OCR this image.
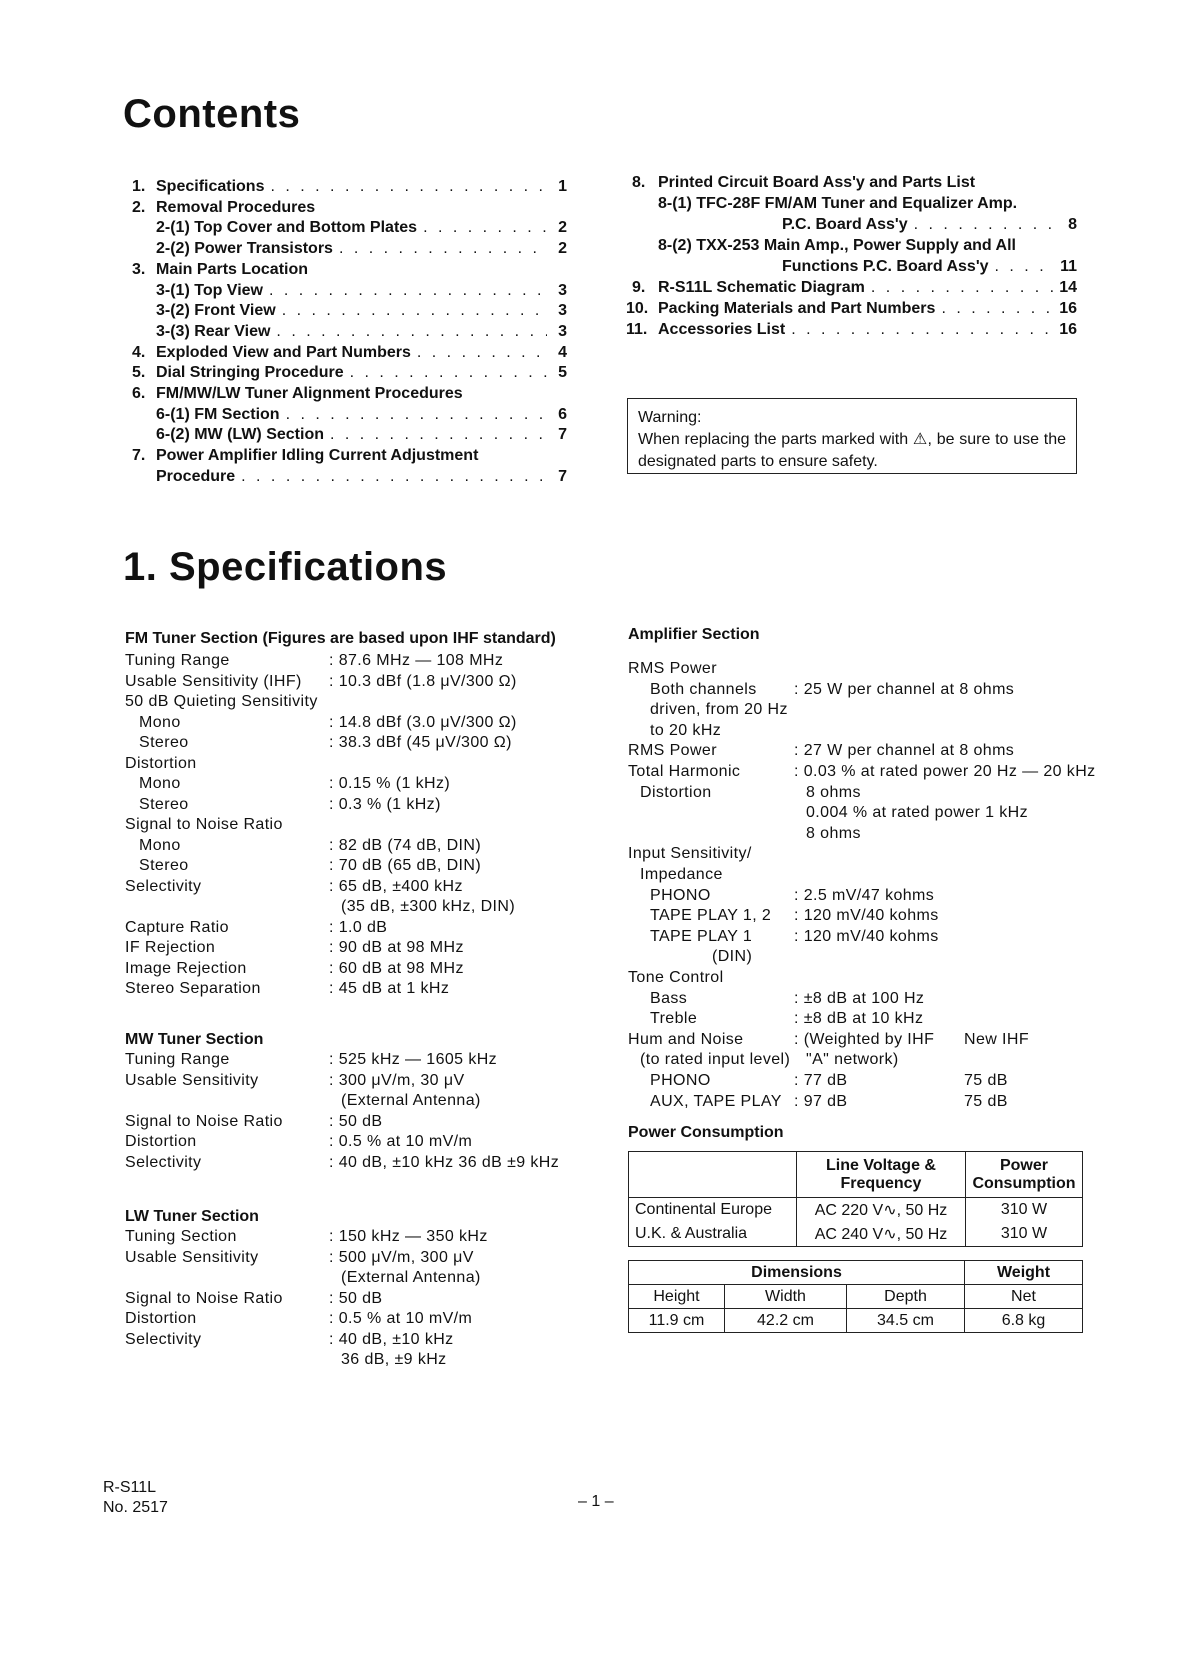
Contents
1. Specifications . . .	1
2. Removal Procedures
2-(1) Top Cover and Bottom Plates . . .	2
2-(2) Power Transistors . . .	2
3. Main Parts Location
3-(1) Top View . . .	3
3-(2) Front View . . .	3
3-(3) Rear View . . .	3
4. Exploded View and Part Numbers . . .	4
5. Dial Stringing Procedure . . .	5
6. FM/MW/LW Tuner Alignment Procedures
6-(1) FM Section . . .	6
6-(2) MW (LW) Section . . .	7
7. Power Amplifier Idling Current Adjustment
Procedure . . .	7
8. Printed Circuit Board Ass'y and Parts List
8-(1) TFC-28F FM/AM Tuner and Equalizer Amp.
P.C. Board Ass'y . . .	8
8-(2) TXX-253 Main Amp., Power Supply and All
Functions P.C. Board Ass'y . . .	11
9. R-S11L Schematic Diagram . . .	14
10. Packing Materials and Part Numbers . . .	16
11. Accessories List . . .	16
Warning:
When replacing the parts marked with ⚠, be sure to use the designated parts to ensure safety.
1. Specifications
FM Tuner Section (Figures are based upon IHF standard)
Tuning Range	: 87.6 MHz — 108 MHz
Usable Sensitivity (IHF) : 10.3 dBf (1.8 μV/300 Ω)
50 dB Quieting Sensitivity
Mono	: 14.8 dBf (3.0 μV/300 Ω)
Stereo	: 38.3 dBf (45 μV/300 Ω)
Distortion
Mono	: 0.15 % (1 kHz)
Stereo	: 0.3 % (1 kHz)
Signal to Noise Ratio
Mono	: 82 dB (74 dB, DIN)
Stereo	: 70 dB (65 dB, DIN)
Selectivity	: 65 dB, ±400 kHz
(35 dB, ±300 kHz, DIN)
Capture Ratio	: 1.0 dB
IF Rejection	: 90 dB at 98 MHz
Image Rejection	: 60 dB at 98 MHz
Stereo Separation	: 45 dB at 1 kHz
MW Tuner Section
Tuning Range	: 525 kHz — 1605 kHz
Usable Sensitivity	: 300 μV/m, 30 μV
(External Antenna)
Signal to Noise Ratio	: 50 dB
Distortion	: 0.5 % at 10 mV/m
Selectivity	: 40 dB, ±10 kHz 36 dB ±9 kHz
LW Tuner Section
Tuning Section	: 150 kHz — 350 kHz
Usable Sensitivity	: 500 μV/m, 300 μV
(External Antenna)
Signal to Noise Ratio	: 50 dB
Distortion	: 0.5 % at 10 mV/m
Selectivity	: 40 dB, ±10 kHz
36 dB, ±9 kHz
Amplifier Section
RMS Power
Both channels : 25 W per channel at 8 ohms
driven, from 20 Hz
to 20 kHz
RMS Power	: 27 W per channel at 8 ohms
Total Harmonic	: 0.03 % at rated power 20 Hz — 20 kHz
Distortion	8 ohms
0.004 % at rated power 1 kHz
8 ohms
Input Sensitivity/
Impedance
PHONO	: 2.5 mV/47 kohms
TAPE PLAY 1, 2 : 120 mV/40 kohms
TAPE PLAY 1	: 120 mV/40 kohms
(DIN)
Tone Control
Bass	: ±8 dB at 100 Hz
Treble	: ±8 dB at 10 kHz
Hum and Noise	: (Weighted by IHF New IHF
(to rated input level) "A" network)
PHONO	: 77 dB	75 dB
AUX, TAPE PLAY : 97 dB	75 dB
Power Consumption
	Line Voltage & Frequency	Power Consumption
Continental Europe	AC 220 V∿, 50 Hz	310 W
U.K. & Australia	AC 240 V∿, 50 Hz	310 W
Dimensions			Weight
Height	Width	Depth	Net
11.9 cm	42.2 cm	34.5 cm	6.8 kg
R-S11L
No. 2517	– 1 –
